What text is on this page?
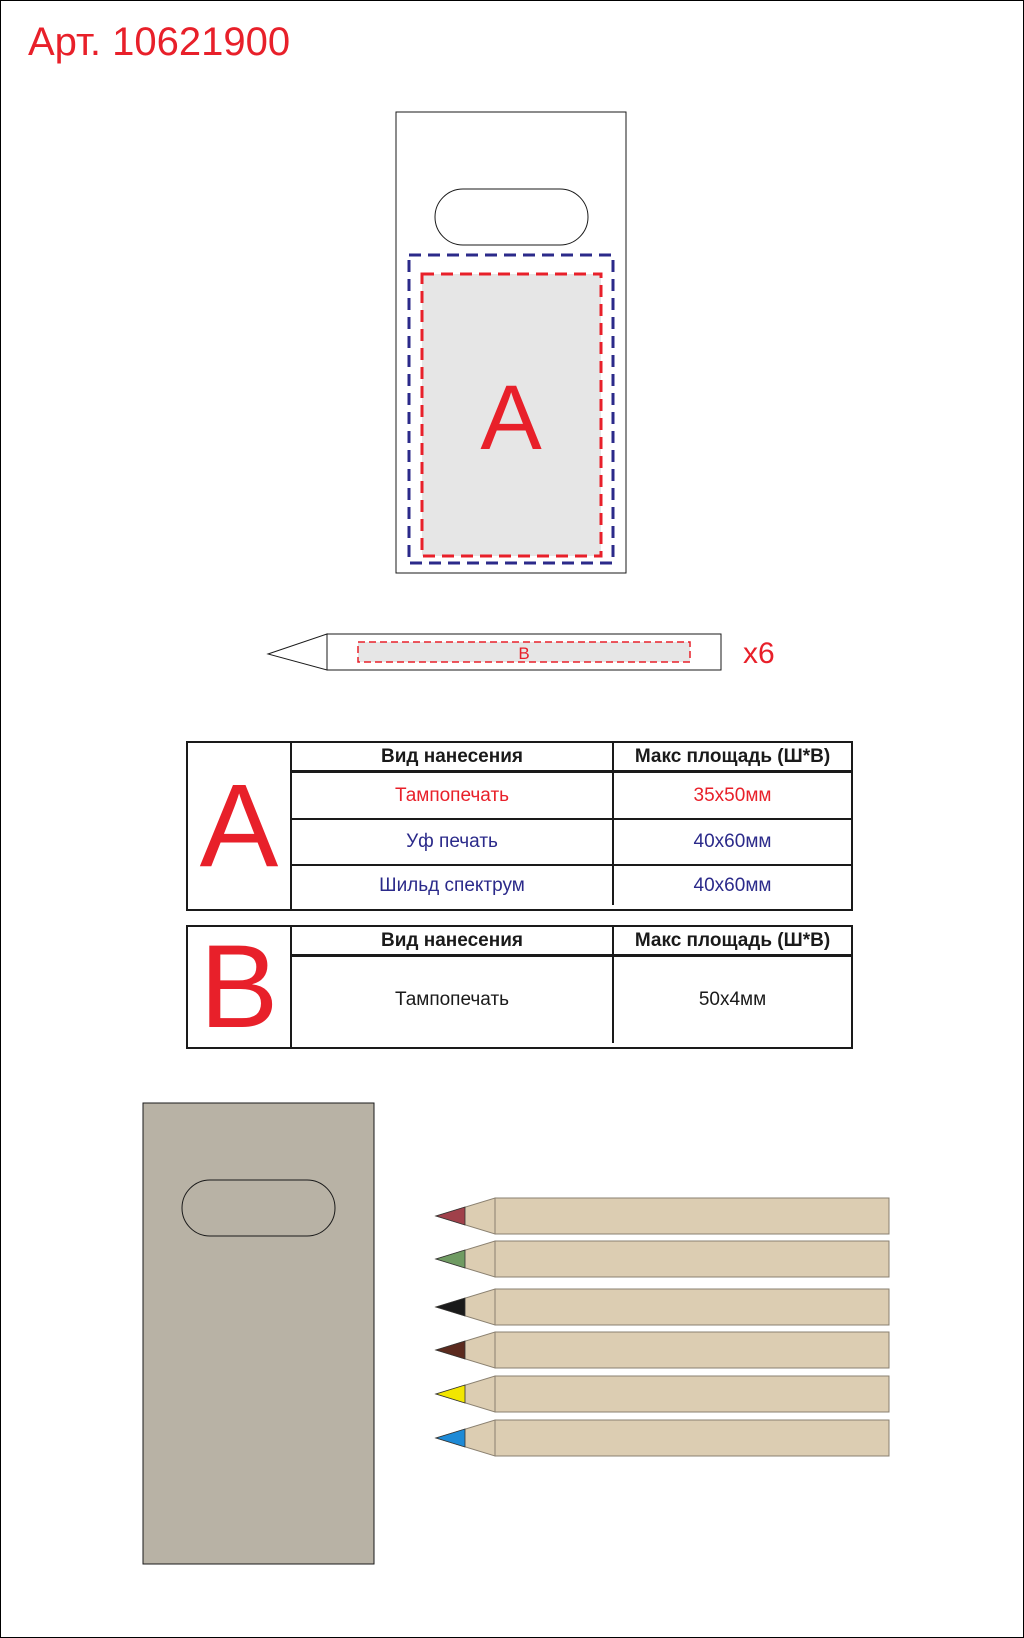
Арт. 10621900
A
B	x6
A
Вид нанесения	Макс площадь (Ш*В)
Тампопечать	35x50мм
Уф печать	40x60мм
Шильд спектрум	40x60мм
B	Вид нанесения	Макс площадь (Ш*В)
Тампопечать	50x4мм
